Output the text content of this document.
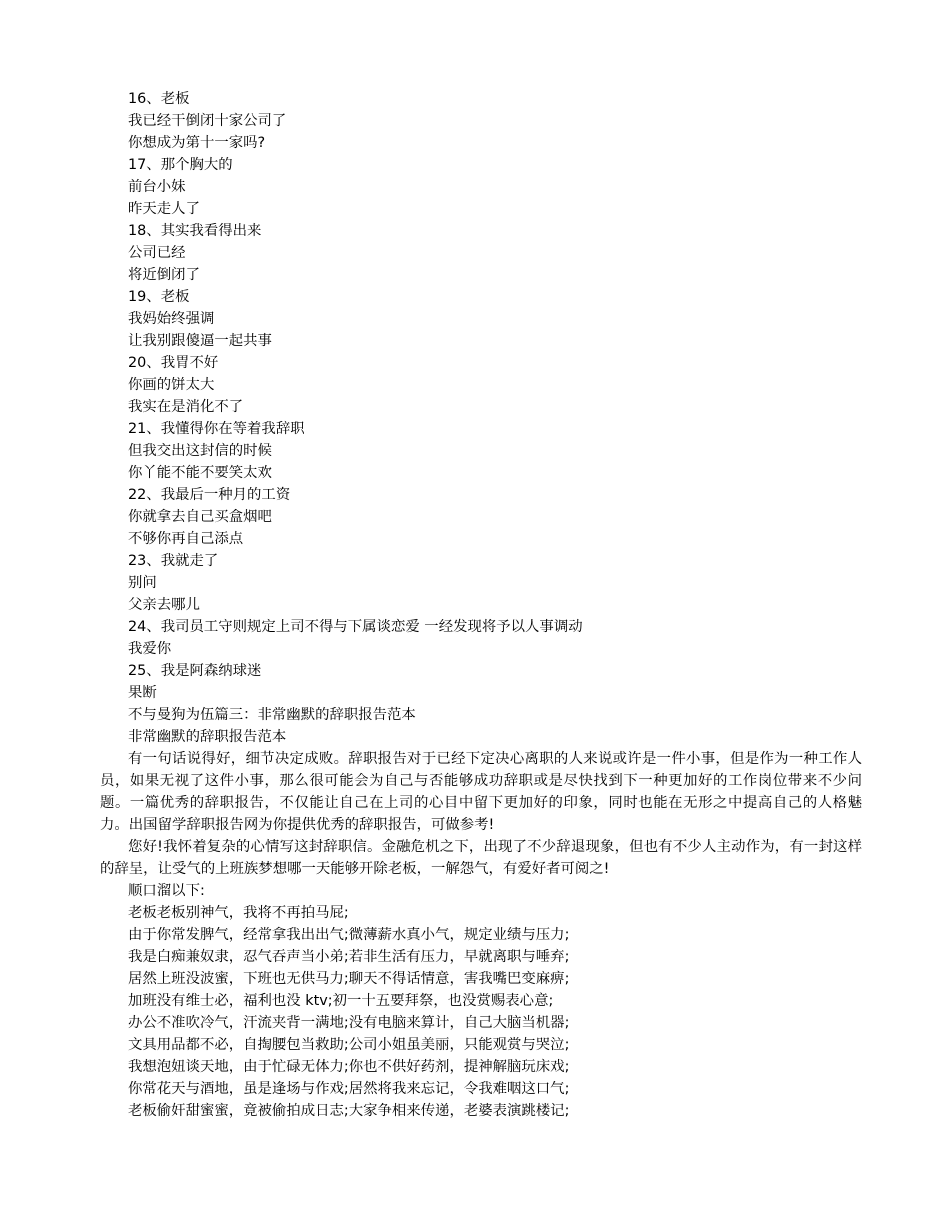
16、老板

我已经干倒闭十家公司了

你想成为第十一家吗?

17、那个胸大的

前台小妹

昨天走人了

18、其实我看得出来

公司已经

将近倒闭了

19、老板

我妈始终强调

让我别跟傻逼一起共事

20、我胃不好

你画的饼太大

我实在是消化不了

21、我懂得你在等着我辞职

但我交出这封信的时候

你丫能不能不要笑太欢

22、我最后一种月的工资

你就拿去自己买盒烟吧

不够你再自己添点

23、我就走了

别问

父亲去哪儿

24、我司员工守则规定上司不得与下属谈恋爱 一经发现将予以人事调动

我爱你

25、我是阿森纳球迷

果断

不与曼狗为伍篇三：非常幽默的辞职报告范本

非常幽默的辞职报告范本

有一句话说得好，细节决定成败。辞职报告对于已经下定决心离职的人来说或许是一件小事，但是作为一种工作人员，如果无视了这件小事，那么很可能会为自己与否能够成功辞职或是尽快找到下一种更加好的工作岗位带来不少问题。一篇优秀的辞职报告，不仅能让自己在上司的心目中留下更加好的印象，同时也能在无形之中提高自己的人格魅力。出国留学辞职报告网为你提供优秀的辞职报告，可做参考!

您好!我怀着复杂的心情写这封辞职信。金融危机之下，出现了不少辞退现象，但也有不少人主动作为，有一封这样的辞呈，让受气的上班族梦想哪一天能够开除老板，一解怨气，有爱好者可阅之!

顺口溜以下:

老板老板别神气，我将不再拍马屁;

由于你常发脾气，经常拿我出出气;微薄薪水真小气，规定业绩与压力;

我是白痴兼奴隶，忍气吞声当小弟;若非生活有压力，早就离职与唾弃;

居然上班没波蜜，下班也无供马力;聊天不得话情意，害我嘴巴变麻痹;

加班没有维士必，福利也没 ktv;初一十五要拜祭，也没赏赐表心意;

办公不准吹冷气，汗流夹背一满地;没有电脑来算计，自己大脑当机器;

文具用品都不必，自掏腰包当救助;公司小姐虽美丽，只能观赏与哭泣;

我想泡妞谈天地，由于忙碌无体力;你也不供好药剂，提神解脑玩床戏;

你常花天与酒地，虽是逢场与作戏;居然将我来忘记，令我难咽这口气;

老板偷奸甜蜜蜜，竟被偷拍成日志;大家争相来传递，老婆表演跳楼记;
